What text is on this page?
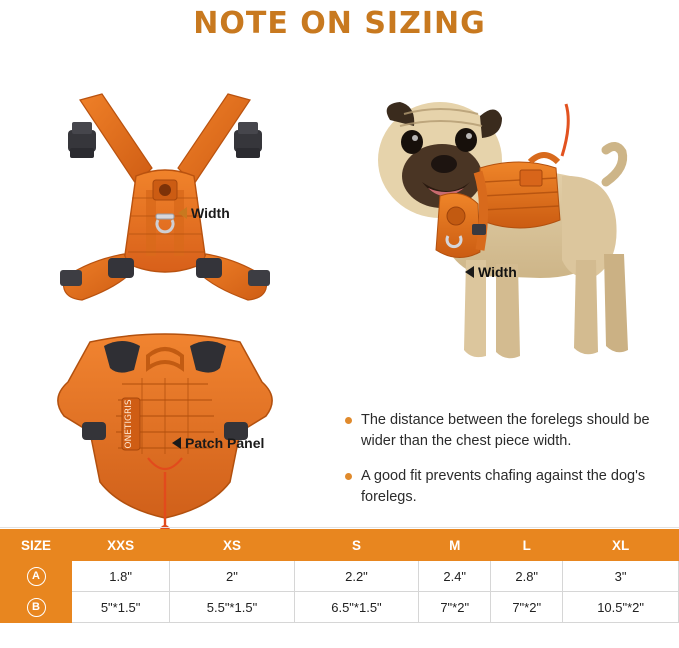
NOTE ON SIZING
Width
ONETIGRIS	Patch Panel
Width
The distance between the forelegs should be wider than the chest piece width.
A good fit prevents chafing against the dog's forelegs.
SIZE	XXS	XS	S	M	L	XL
A	1.8"	2"	2.2"	2.4"	2.8"	3"
B	5"*1.5"	5.5"*1.5"	6.5"*1.5"	7"*2"	7"*2"	10.5"*2"
